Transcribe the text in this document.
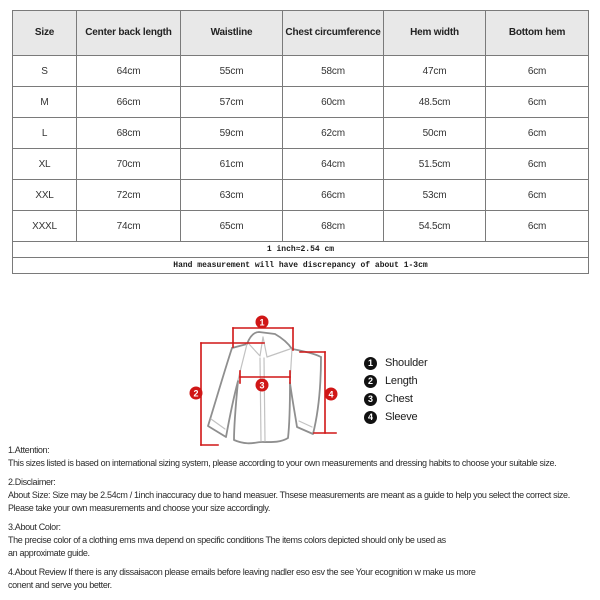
Size	Center back length	Waistline	Chest circumference	Hem width	Bottom hem
S	64cm	55cm	58cm	47cm	6cm
M	66cm	57cm	60cm	48.5cm	6cm
L	68cm	59cm	62cm	50cm	6cm
XL	70cm	61cm	64cm	51.5cm	6cm
XXL	72cm	63cm	66cm	53cm	6cm
XXXL	74cm	65cm	68cm	54.5cm	6cm
1 inch≈2.54 cm					
Hand measurement will have discrepancy of about 1-3cm					
1
2
3
4
1	Shoulder
2	Length
3	Chest
4	Sleeve
1.Attention:
This sizes listed is based on international sizing system, please according to your own measurements and dressing habits to choose your suitable size.
2.Disclaimer:
About Size: Size may be 2.54cm / 1inch inaccuracy due to hand measuer. Thsese measurements are meant as a guide to help you select the correct size.
Please take your own measurements and choose your size accordingly.
3.About Color:
The precise color of a clothing ems mva depend on specific conditions The items colors depicted should only be used as
an approximate guide.
4.About Review If there is any dissaisacon please emails before leaving nadler eso esv the see Your ecognition w make us more
conent and serve you better.
